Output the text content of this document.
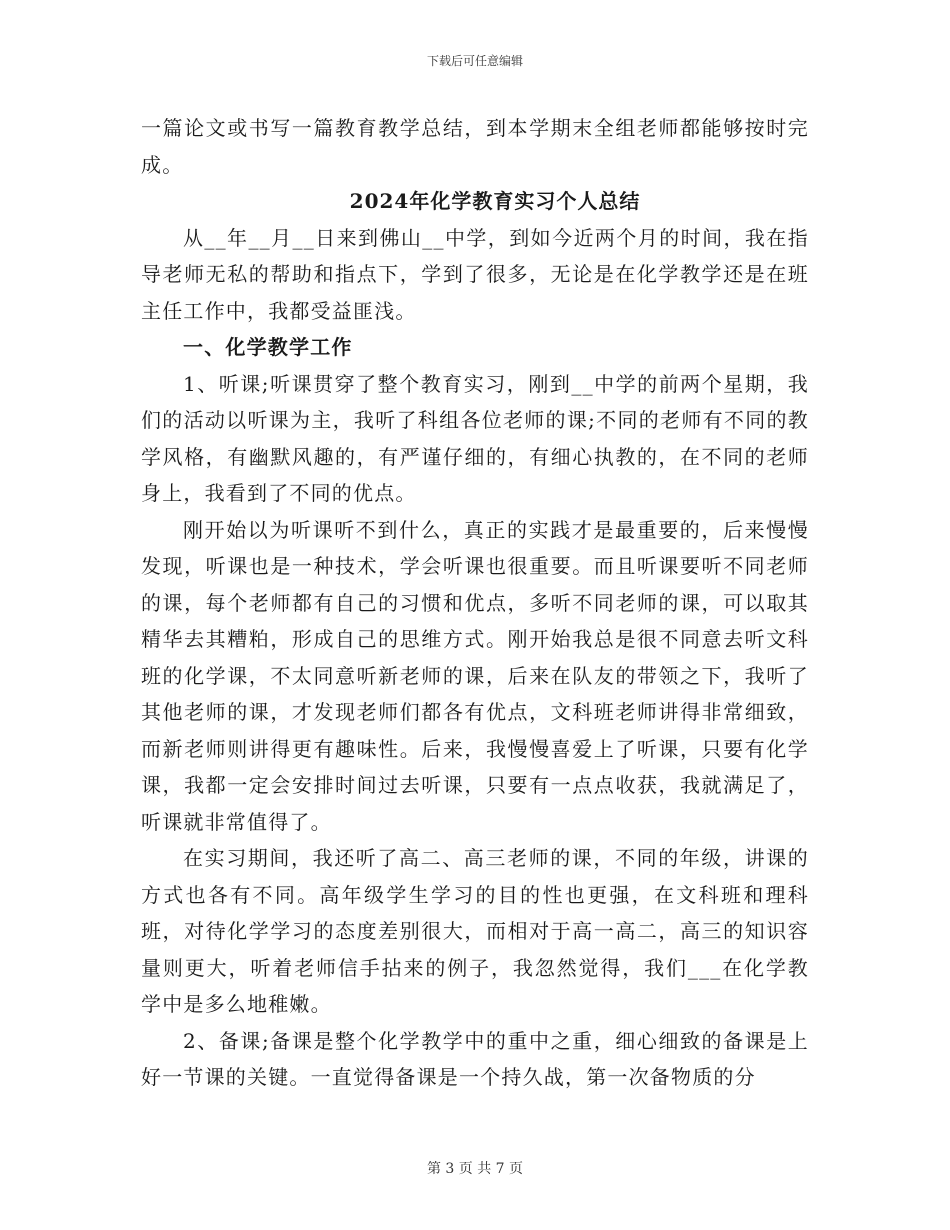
下载后可任意编辑

一篇论文或书写一篇教育教学总结，到本学期末全组老师都能够按时完成。

2024年化学教育实习个人总结

从__年__月__日来到佛山__中学，到如今近两个月的时间，我在指导老师无私的帮助和指点下，学到了很多，无论是在化学教学还是在班主任工作中，我都受益匪浅。

一、化学教学工作

1、听课;听课贯穿了整个教育实习，刚到__中学的前两个星期，我们的活动以听课为主，我听了科组各位老师的课;不同的老师有不同的教学风格，有幽默风趣的，有严谨仔细的，有细心执教的，在不同的老师身上，我看到了不同的优点。

刚开始以为听课听不到什么，真正的实践才是最重要的，后来慢慢发现，听课也是一种技术，学会听课也很重要。而且听课要听不同老师的课，每个老师都有自己的习惯和优点，多听不同老师的课，可以取其精华去其糟粕，形成自己的思维方式。刚开始我总是很不同意去听文科班的化学课，不太同意听新老师的课，后来在队友的带领之下，我听了其他老师的课，才发现老师们都各有优点，文科班老师讲得非常细致，而新老师则讲得更有趣味性。后来，我慢慢喜爱上了听课，只要有化学课，我都一定会安排时间过去听课，只要有一点点收获，我就满足了，听课就非常值得了。

在实习期间，我还听了高二、高三老师的课，不同的年级，讲课的方式也各有不同。高年级学生学习的目的性也更强，在文科班和理科班，对待化学学习的态度差别很大，而相对于高一高二，高三的知识容量则更大，听着老师信手拈来的例子，我忽然觉得，我们___在化学教学中是多么地稚嫩。

2、备课;备课是整个化学教学中的重中之重，细心细致的备课是上好一节课的关键。一直觉得备课是一个持久战，第一次备物质的分

第 3 页 共 7 页
